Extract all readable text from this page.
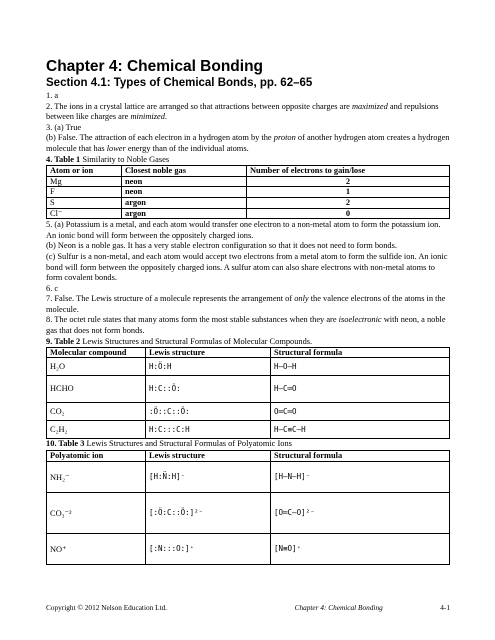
Chapter 4: Chemical Bonding
Section 4.1: Types of Chemical Bonds, pp. 62–65

1. a

2. The ions in a crystal lattice are arranged so that attractions between opposite charges are maximized and repulsions between like charges are minimized.

3. (a) True

(b) False. The attraction of each electron in a hydrogen atom by the proton of another hydrogen atom creates a hydrogen molecule that has lower energy than of the individual atoms.

4. Table 1 Similarity to Noble Gases

Atom or ion	Closest noble gas	Number of electrons to gain/lose
Mg	neon	2
F	neon	1
S	argon	2
Cl⁻	argon	0

5. (a) Potassium is a metal, and each atom would transfer one electron to a non-metal atom to form the potassium ion. An ionic bond will form between the oppositely charged ions.

(b) Neon is a noble gas. It has a very stable electron configuration so that it does not need to form bonds.

(c) Sulfur is a non-metal, and each atom would accept two electrons from a metal atom to form the sulfide ion. An ionic bond will form between the oppositely charged ions. A sulfur atom can also share electrons with non-metal atoms to form covalent bonds.

6. c

7. False. The Lewis structure of a molecule represents the arrangement of only the valence electrons of the atoms in the molecule.

8. The octet rule states that many atoms form the most stable substances when they are isoelectronic with neon, a noble gas that does not form bonds.

9. Table 2 Lewis Structures and Structural Formulas of Molecular Compounds.

Molecular compound	Lewis structure	Structural formula
H₂O	H:Ö:H	H—O—H
HCHO	H:C::Ö:	H—C═O
CO₂	:Ö::C::Ö:	O═C═O
C₂H₂	H:C:::C:H	H—C≡C—H

10. Table 3 Lewis Structures and Structural Formulas of Polyatomic Ions

Polyatomic ion	Lewis structure	Structural formula
NH₂⁻	[H:N̈:H]⁻	[H—N—H]⁻
CO₃⁻²	[:Ö:C::Ö:]²⁻	[O═C—O]²⁻
NO⁺	[:N:::O:]⁺	[N≡O]⁺
Copyright © 2012 Nelson Education Ltd.	Chapter 4: Chemical Bonding	4-1
